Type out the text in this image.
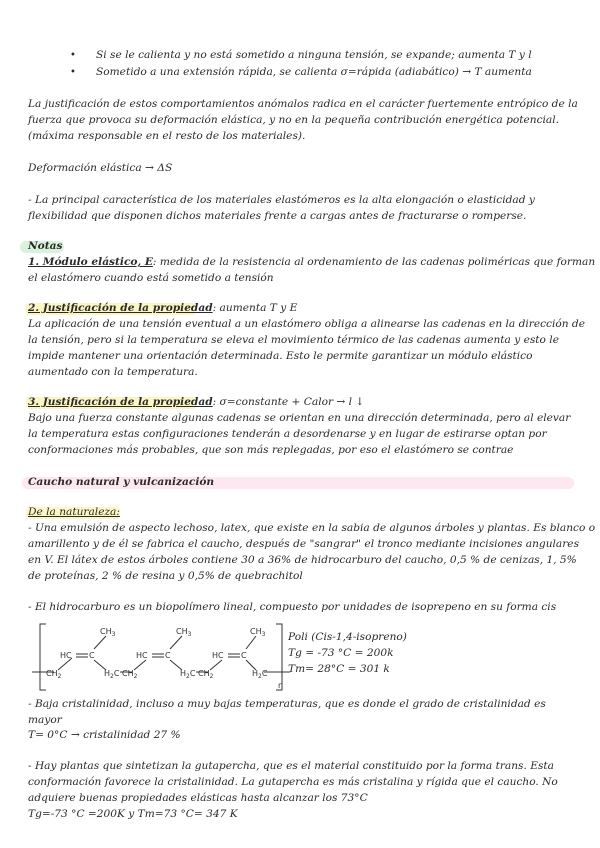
• Si se le calienta y no está sometido a ninguna tensión, se expande; aumenta T y l
• Sometido a una extensión rápida, se calienta σ=rápida (adiabático) → T aumenta
La justificación de estos comportamientos anómalos radica en el carácter fuertemente entrópico de la
fuerza que provoca su deformación elástica, y no en la pequeña contribución energética potencial.
(máxima responsable en el resto de los materiales).
Deformación elástica → ΔS
- La principal característica de los materiales elastómeros es la alta elongación o elasticidad y
flexibilidad que disponen dichos materiales frente a cargas antes de fracturarse o romperse.
Notas
1. Módulo elástico, E: medida de la resistencia al ordenamiento de las cadenas poliméricas que forman
el elastómero cuando está sometido a tensión
2. Justificación de la propiedad: aumenta T y E
La aplicación de una tensión eventual a un elastómero obliga a alinearse las cadenas en la dirección de
la tensión, pero si la temperatura se eleva el movimiento térmico de las cadenas aumenta y esto le
impide mantener una orientación determinada. Esto le permite garantizar un módulo elástico
aumentado con la temperatura.
3. Justificación de la propiedad: σ=constante + Calor → l ↓
Bajo una fuerza constante algunas cadenas se orientan en una dirección determinada, pero al elevar
la temperatura estas configuraciones tenderán a desordenarse y en lugar de estirarse optan por
conformaciones más probables, que son más replegadas, por eso el elastómero se contrae
Caucho natural y vulcanización
De la naturaleza:
- Una emulsión de aspecto lechoso, latex, que existe en la sabia de algunos árboles y plantas. Es blanco o
amarillento y de él se fabrica el caucho, después de "sangrar" el tronco mediante incisiones angulares
en V. El látex de estos árboles contiene 30 a 36% de hidrocarburo del caucho, 0,5 % de cenizas, 1, 5%
de proteínas, 2 % de resina y 0,5% de quebrachitol
- El hidrocarburo es un biopolímero lineal, compuesto por unidades de isoprepeno en su forma cis
HC C
$CH_3$
$CH_2$	$H_2C$
HC C
$CH_3$
$CH_2$	$H_2C$
HC C
$CH_3$
$CH_2$	$H_2C$
n
Poli (Cis-1,4-isopreno)
Tg = -73 °C = 200k
Tm= 28°C = 301 k
- Baja cristalinidad, incluso a muy bajas temperaturas, que es donde el grado de cristalinidad es
mayor
T= 0°C → cristalinidad 27 %
- Hay plantas que sintetizan la gutapercha, que es el material constituido por la forma trans. Esta
conformación favorece la cristalinidad. La gutapercha es más cristalina y rígida que el caucho. No
adquiere buenas propiedades elásticas hasta alcanzar los 73°C
Tg=-73 °C =200K y Tm=73 °C= 347 K
